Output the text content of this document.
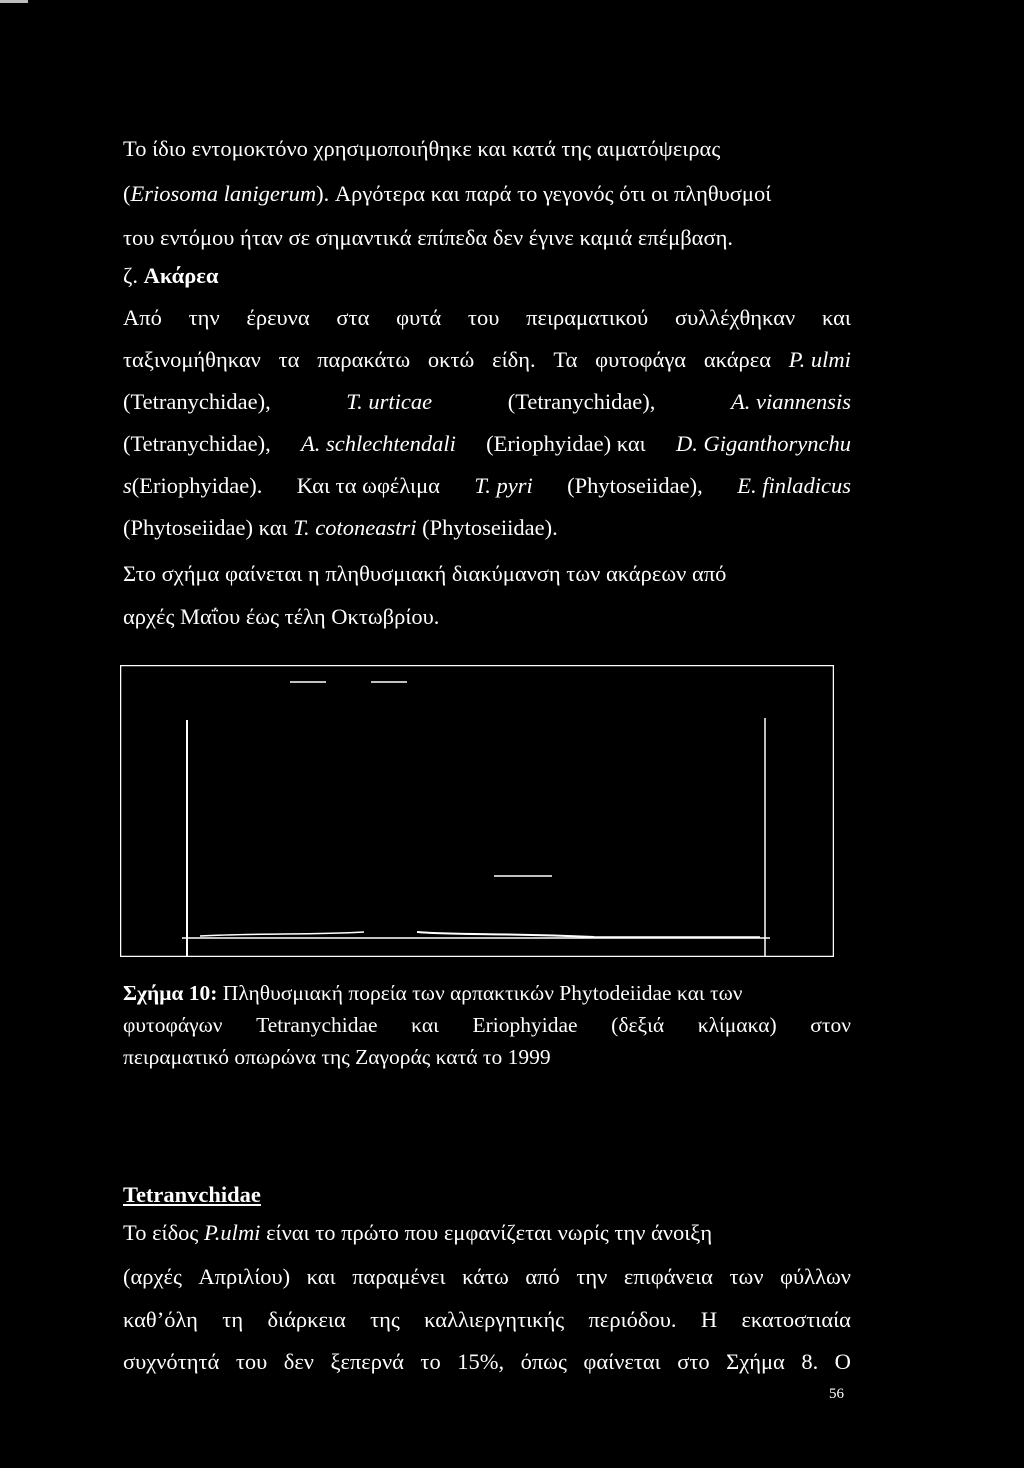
Το ίδιο εντομοκτόνο χρησιμοποιήθηκε και κατά της αιματόψειρας
(Eriosoma lanigerum). Αργότερα και παρά το γεγονός ότι οι πληθυσμοί
του εντόμου ήταν σε σημαντικά επίπεδα δεν έγινε καμιά επέμβαση.
ζ. Ακάρεα
Από την έρευνα στα φυτά του πειραματικού συλλέχθηκαν και
ταξινομήθηκαν τα παρακάτω οκτώ είδη. Τα φυτοφάγα ακάρεα P. ulmi
(Tetranychidae),	T. urticae	(Tetranychidae),	A. viannensis
(Tetranychidae), A. schlechtendali (Eriophyidae) και D. Giganthorynchu
s(Eriophyidae). Και τα ωφέλιμα T. pyri (Phytoseiidae), E. finladicus
(Phytoseiidae) και T. cotoneastri (Phytoseiidae).
Στο σχήμα φαίνεται η πληθυσμιακή διακύμανση των ακάρεων από
αρχές Μαΐου έως τέλη Οκτωβρίου.
Σχήμα 10: Πληθυσμιακή πορεία των αρπακτικών Phytodeiidae και των
φυτοφάγων Tetranychidae και Eriophyidae (δεξιά κλίμακα) στον
πειραματικό οπωρώνα της Ζαγοράς κατά το 1999
Tetranvchidae
Το είδος P.ulmi είναι το πρώτο που εμφανίζεται νωρίς την άνοιξη
(αρχές Απριλίου) και παραμένει κάτω από την επιφάνεια των φύλλων
καθ’όλη τη διάρκεια της καλλιεργητικής περιόδου. Η εκατοστιαία
συχνότητά του δεν ξεπερνά το 15%, όπως φαίνεται στο Σχήμα 8. Ο
56
